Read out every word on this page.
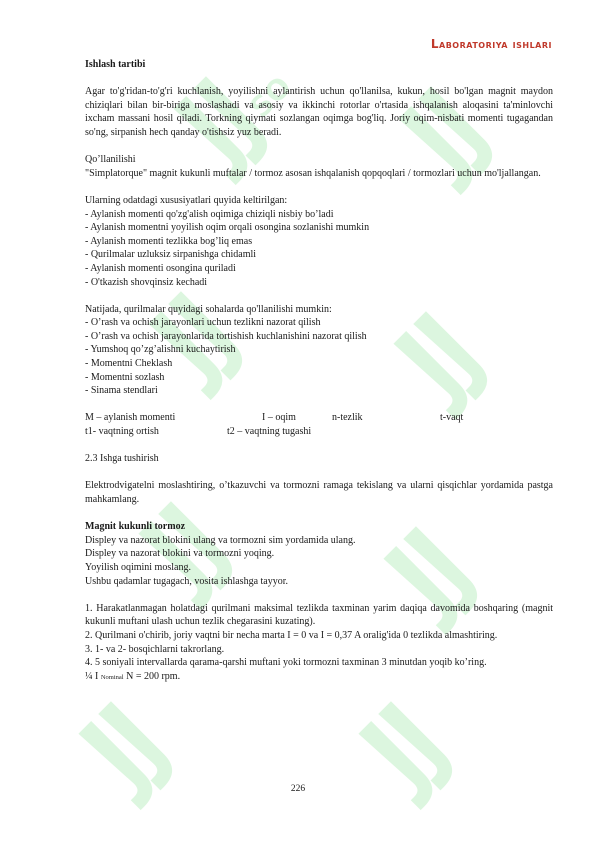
SO
Laboratoriya ishlari

Ishlash tartibi

Agar to'g'ridan-to'g'ri kuchlanish, yoyilishni aylantirish uchun qo'llanilsa, kukun, hosil bo'lgan magnit maydon chiziqlari bilan bir-biriga moslashadi va asosiy va ikkinchi rotorlar o'rtasida ishqalanish aloqasini ta'minlovchi ixcham massani hosil qiladi. Torkning qiymati sozlangan oqimga bog'liq. Joriy oqim-nisbati momenti tugagandan so'ng, sirpanish hech qanday o'tishsiz yuz beradi.

Qo’llanilishi

"Simplatorque" magnit kukunli muftalar / tormoz asosan ishqalanish qopqoqlari / tormozlari uchun mo'ljallangan.

Ularning odatdagi xususiyatlari quyida keltirilgan:

- Aylanish momenti qo'zg'alish oqimiga chiziqli nisbiy bo’ladi

- Aylanish momentni yoyilish oqim orqali osongina sozlanishi mumkin

- Aylanish momenti tezlikka bog’liq emas

- Qurilmalar uzluksiz sirpanishga chidamli

- Aylanish momenti osongina quriladi

- O'tkazish shovqinsiz kechadi

Natijada, qurilmalar quyidagi sohalarda qo'llanilishi mumkin:

- O’rash va ochish jarayonlari uchun tezlikni nazorat qilish

- O’rash va ochish jarayonlarida tortishish kuchlanishini nazorat qilish

- Yumshoq qo’zg’alishni kuchaytirish

- Momentni Cheklash

- Momentni sozlash

- Sinama stendlari

M – aylanish momenti	I – oqim	n-tezlik	t-vaqt
t1- vaqtning ortish	t2 – vaqtning tugashi

2.3 Ishga tushirish

Elektrodvigatelni moslashtiring, o’tkazuvchi va tormozni ramaga tekislang va ularni qisqichlar yordamida pastga mahkamlang.

Magnit kukunli tormoz

Displey va nazorat blokini ulang va tormozni sim yordamida ulang.

Displey va nazorat blokini va tormozni yoqing.

Yoyilish oqimini moslang.

Ushbu qadamlar tugagach, vosita ishlashga tayyor.

1. Harakatlanmagan holatdagi qurilmani maksimal tezlikda taxminan yarim daqiqa davomida boshqaring (magnit kukunli muftani ulash uchun tezlik chegarasini kuzating).

2. Qurilmani o'chirib, joriy vaqtni bir necha marta I = 0 va I = 0,37 A oralig'ida 0 tezlikda almashtiring.

3. 1- va 2- bosqichlarni takrorlang.

4. 5 soniyali intervallarda qarama-qarshi muftani yoki tormozni taxminan 3 minutdan yoqib ko’ring.

¼ I Nominal N = 200 rpm.

226
